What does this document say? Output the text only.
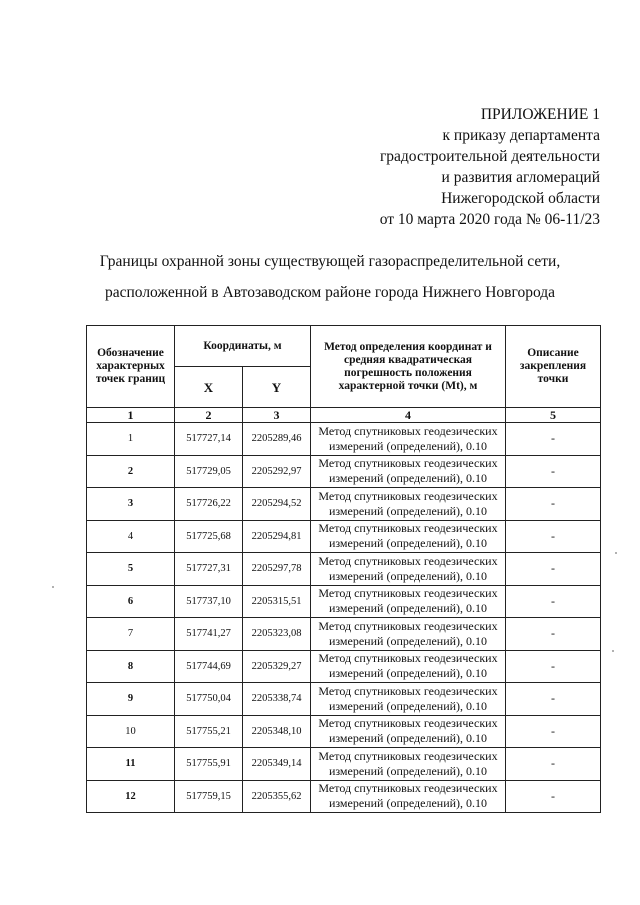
ПРИЛОЖЕНИЕ 1
к приказу департамента
градостроительной деятельности
и развития агломераций
Нижегородской области
от 10 марта 2020 года № 06-11/23
Границы охранной зоны существующей газораспределительной сети,
расположенной в Автозаводском районе города Нижнего Новгорода
Обозначение характерных точек границ	Координаты, м		Метод определения координат и средняя квадратическая погрешность положения характерной точки (Mt), м	Описание закрепления точки
	X	Y		
1	2	3	4	5
1	517727,14	2205289,46	Метод спутниковых геодезических измерений (определений), 0.10	-
2	517729,05	2205292,97	Метод спутниковых геодезических измерений (определений), 0.10	-
3	517726,22	2205294,52	Метод спутниковых геодезических измерений (определений), 0.10	-
4	517725,68	2205294,81	Метод спутниковых геодезических измерений (определений), 0.10	-
5	517727,31	2205297,78	Метод спутниковых геодезических измерений (определений), 0.10	-
6	517737,10	2205315,51	Метод спутниковых геодезических измерений (определений), 0.10	-
7	517741,27	2205323,08	Метод спутниковых геодезических измерений (определений), 0.10	-
8	517744,69	2205329,27	Метод спутниковых геодезических измерений (определений), 0.10	-
9	517750,04	2205338,74	Метод спутниковых геодезических измерений (определений), 0.10	-
10	517755,21	2205348,10	Метод спутниковых геодезических измерений (определений), 0.10	-
11	517755,91	2205349,14	Метод спутниковых геодезических измерений (определений), 0.10	-
12	517759,15	2205355,62	Метод спутниковых геодезических измерений (определений), 0.10	-
